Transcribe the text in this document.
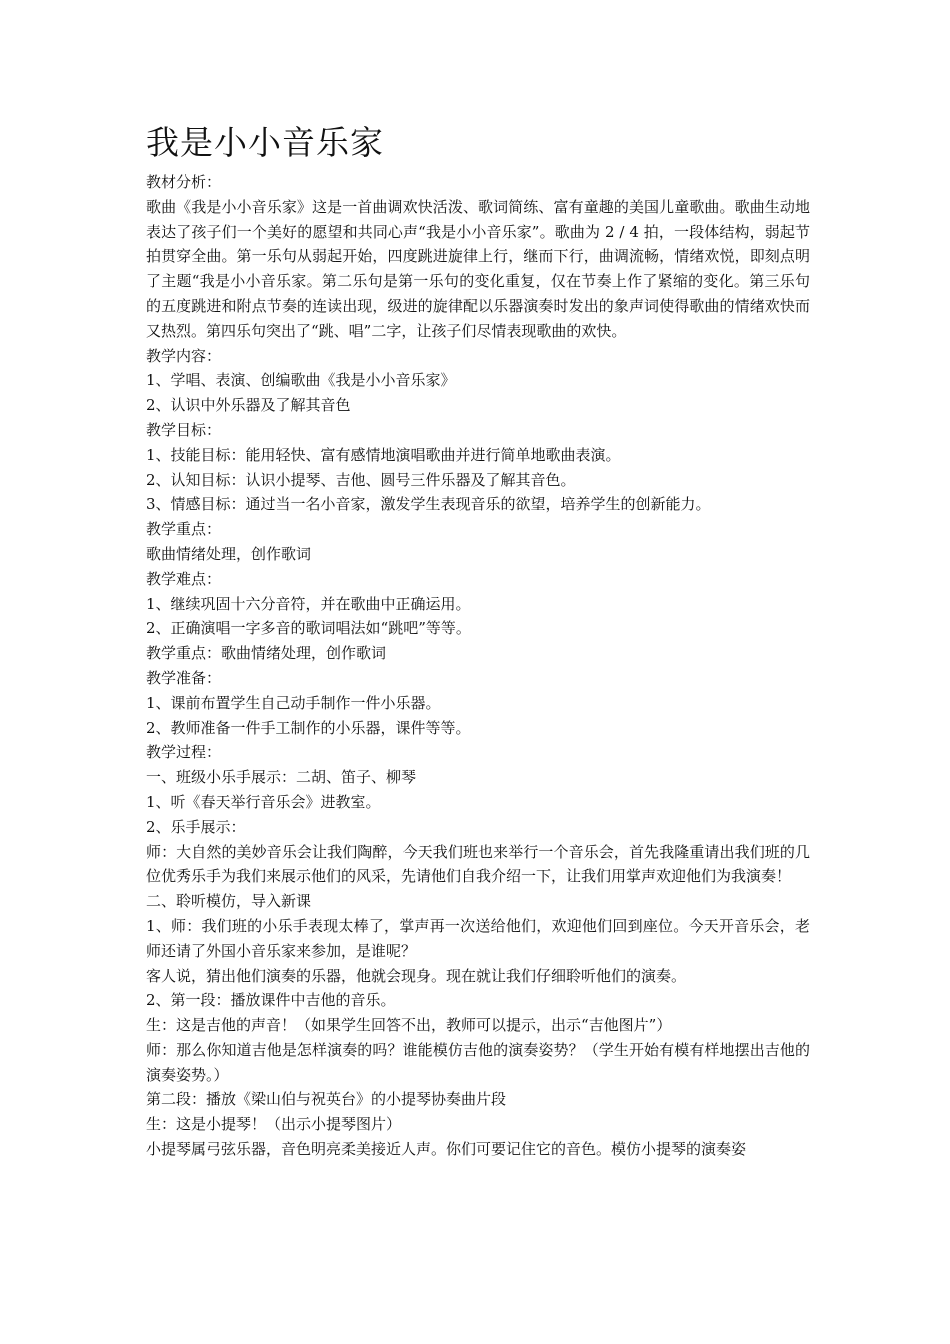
我是小小音乐家

教材分析：

歌曲《我是小小音乐家》这是一首曲调欢快活泼、歌词简练、富有童趣的美国儿童歌曲。歌曲生动地表达了孩子们一个美好的愿望和共同心声“我是小小音乐家”。歌曲为 2 / 4 拍，一段体结构，弱起节拍贯穿全曲。第一乐句从弱起开始，四度跳进旋律上行，继而下行，曲调流畅，情绪欢悦，即刻点明了主题“我是小小音乐家。第二乐句是第一乐句的变化重复，仅在节奏上作了紧缩的变化。第三乐句的五度跳进和附点节奏的连读出现，级进的旋律配以乐器演奏时发出的象声词使得歌曲的情绪欢快而又热烈。第四乐句突出了“跳、唱”二字，让孩子们尽情表现歌曲的欢快。

教学内容：

1、学唱、表演、创编歌曲《我是小小音乐家》

2、认识中外乐器及了解其音色

教学目标：

1、技能目标：能用轻快、富有感情地演唱歌曲并进行简单地歌曲表演。

2、认知目标：认识小提琴、吉他、圆号三件乐器及了解其音色。

3、情感目标：通过当一名小音家，激发学生表现音乐的欲望，培养学生的创新能力。

教学重点：

歌曲情绪处理，创作歌词

教学难点：

1、继续巩固十六分音符，并在歌曲中正确运用。

2、正确演唱一字多音的歌词唱法如“跳吧”等等。

教学重点：歌曲情绪处理，创作歌词

教学准备：

1、课前布置学生自己动手制作一件小乐器。

2、教师准备一件手工制作的小乐器，课件等等。

教学过程：

一、班级小乐手展示：二胡、笛子、柳琴

1、听《春天举行音乐会》进教室。

2、乐手展示：

师：大自然的美妙音乐会让我们陶醉，今天我们班也来举行一个音乐会，首先我隆重请出我们班的几位优秀乐手为我们来展示他们的风采，先请他们自我介绍一下，让我们用掌声欢迎他们为我演奏！

二、聆听模仿，导入新课

1、师：我们班的小乐手表现太棒了，掌声再一次送给他们，欢迎他们回到座位。今天开音乐会，老师还请了外国小音乐家来参加，是谁呢？

客人说，猜出他们演奏的乐器，他就会现身。现在就让我们仔细聆听他们的演奏。

2、第一段：播放课件中吉他的音乐。

生：这是吉他的声音！（如果学生回答不出，教师可以提示，出示“吉他图片”）

师：那么你知道吉他是怎样演奏的吗？谁能模仿吉他的演奏姿势？（学生开始有模有样地摆出吉他的演奏姿势。）

第二段：播放《梁山伯与祝英台》的小提琴协奏曲片段

生：这是小提琴！（出示小提琴图片）

小提琴属弓弦乐器，音色明亮柔美接近人声。你们可要记住它的音色。模仿小提琴的演奏姿
